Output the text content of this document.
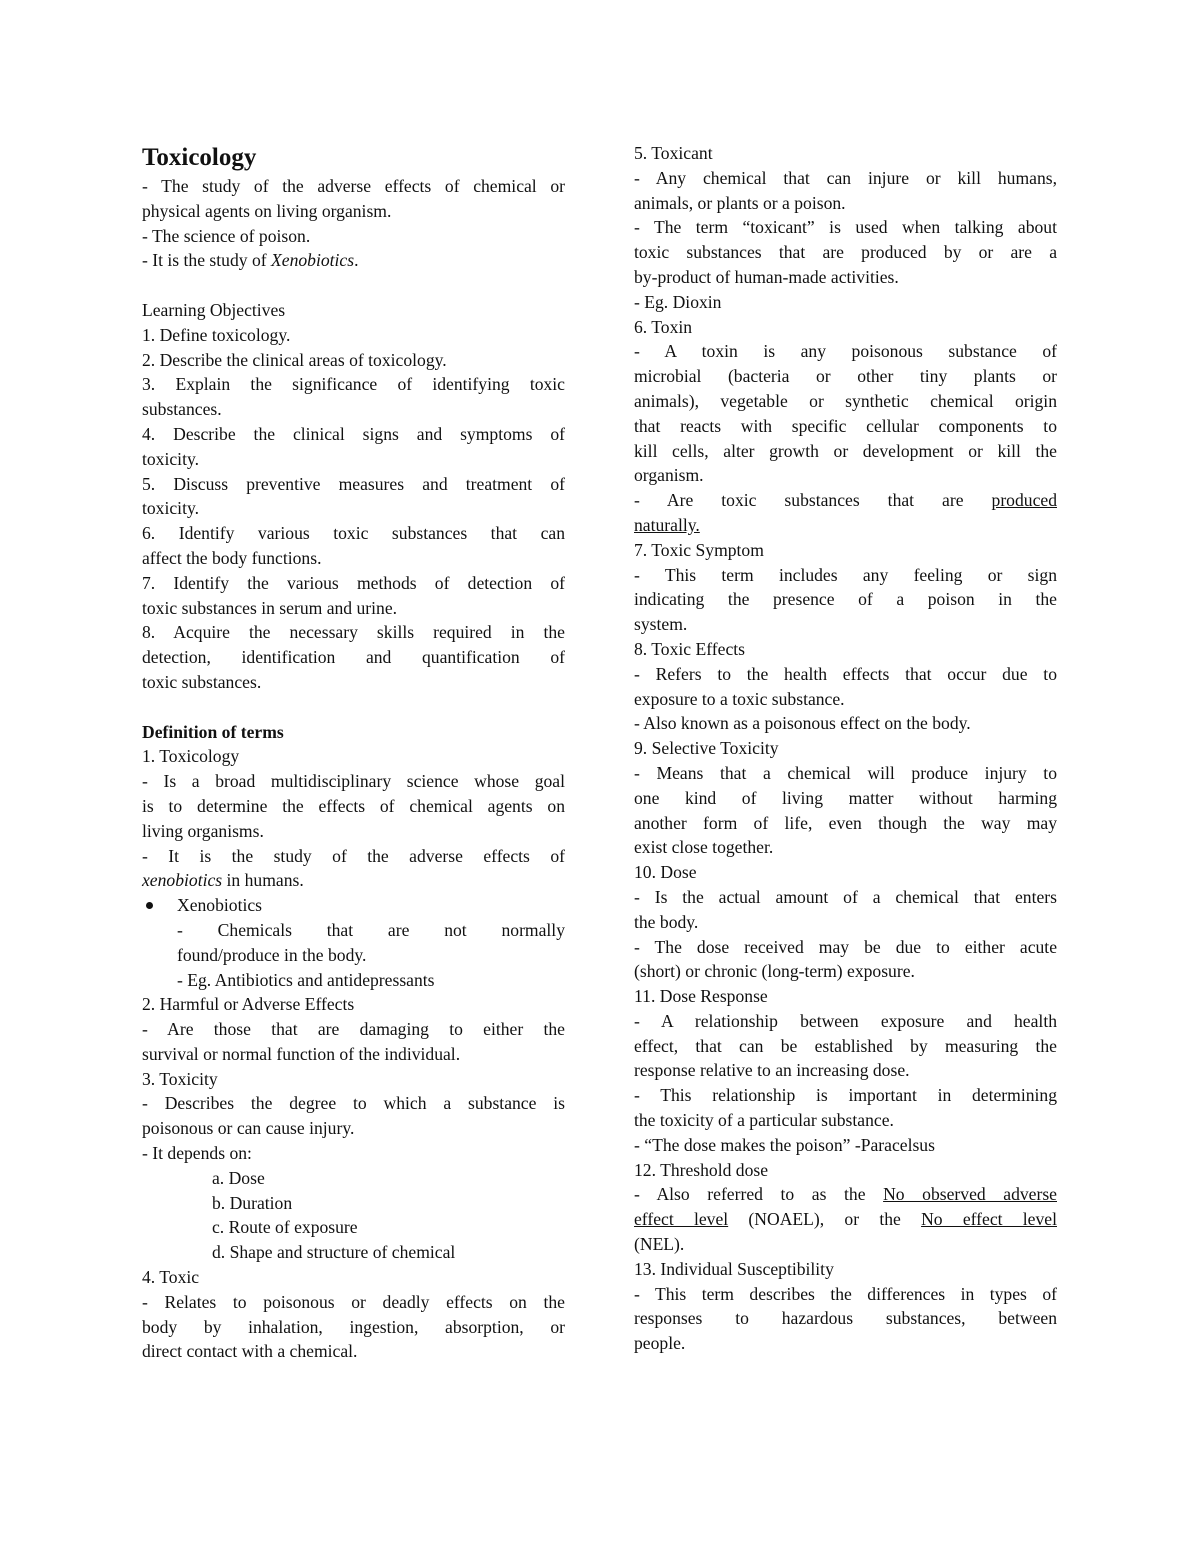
Toxicology
- The study of the adverse effects of chemical or
physical agents on living organism.
- The science of poison.
- It is the study of Xenobiotics.
Learning Objectives
1. Define toxicology.
2. Describe the clinical areas of toxicology.
3. Explain the significance of identifying toxic
substances.
4. Describe the clinical signs and symptoms of
toxicity.
5. Discuss preventive measures and treatment of
toxicity.
6. Identify various toxic substances that can
affect the body functions.
7. Identify the various methods of detection of
toxic substances in serum and urine.
8. Acquire the necessary skills required in the
detection, identification and quantification of
toxic substances.
Definition of terms
1. Toxicology
- Is a broad multidisciplinary science whose goal
is to determine the effects of chemical agents on
living organisms.
- It is the study of the adverse effects of
xenobiotics in humans.
Xenobiotics
- Chemicals that are not normally
found/produce in the body.
- Eg. Antibiotics and antidepressants
2. Harmful or Adverse Effects
- Are those that are damaging to either the
survival or normal function of the individual.
3. Toxicity
- Describes the degree to which a substance is
poisonous or can cause injury.
- It depends on:
a. Dose
b. Duration
c. Route of exposure
d. Shape and structure of chemical
4. Toxic
- Relates to poisonous or deadly effects on the
body by inhalation, ingestion, absorption, or
direct contact with a chemical.
5. Toxicant
- Any chemical that can injure or kill humans,
animals, or plants or a poison.
- The term “toxicant” is used when talking about
toxic substances that are produced by or are a
by-product of human-made activities.
- Eg. Dioxin
6. Toxin
- A toxin is any poisonous substance of
microbial (bacteria or other tiny plants or
animals), vegetable or synthetic chemical origin
that reacts with specific cellular components to
kill cells, alter growth or development or kill the
organism.
- Are toxic substances that are produced
naturally.
7. Toxic Symptom
- This term includes any feeling or sign
indicating the presence of a poison in the
system.
8. Toxic Effects
- Refers to the health effects that occur due to
exposure to a toxic substance.
- Also known as a poisonous effect on the body.
9. Selective Toxicity
- Means that a chemical will produce injury to
one kind of living matter without harming
another form of life, even though the way may
exist close together.
10. Dose
- Is the actual amount of a chemical that enters
the body.
- The dose received may be due to either acute
(short) or chronic (long-term) exposure.
11. Dose Response
- A relationship between exposure and health
effect, that can be established by measuring the
response relative to an increasing dose.
- This relationship is important in determining
the toxicity of a particular substance.
- “The dose makes the poison” -Paracelsus
12. Threshold dose
- Also referred to as the No observed adverse
effect level (NOAEL), or the No effect level
(NEL).
13. Individual Susceptibility
- This term describes the differences in types of
responses to hazardous substances, between
people.
